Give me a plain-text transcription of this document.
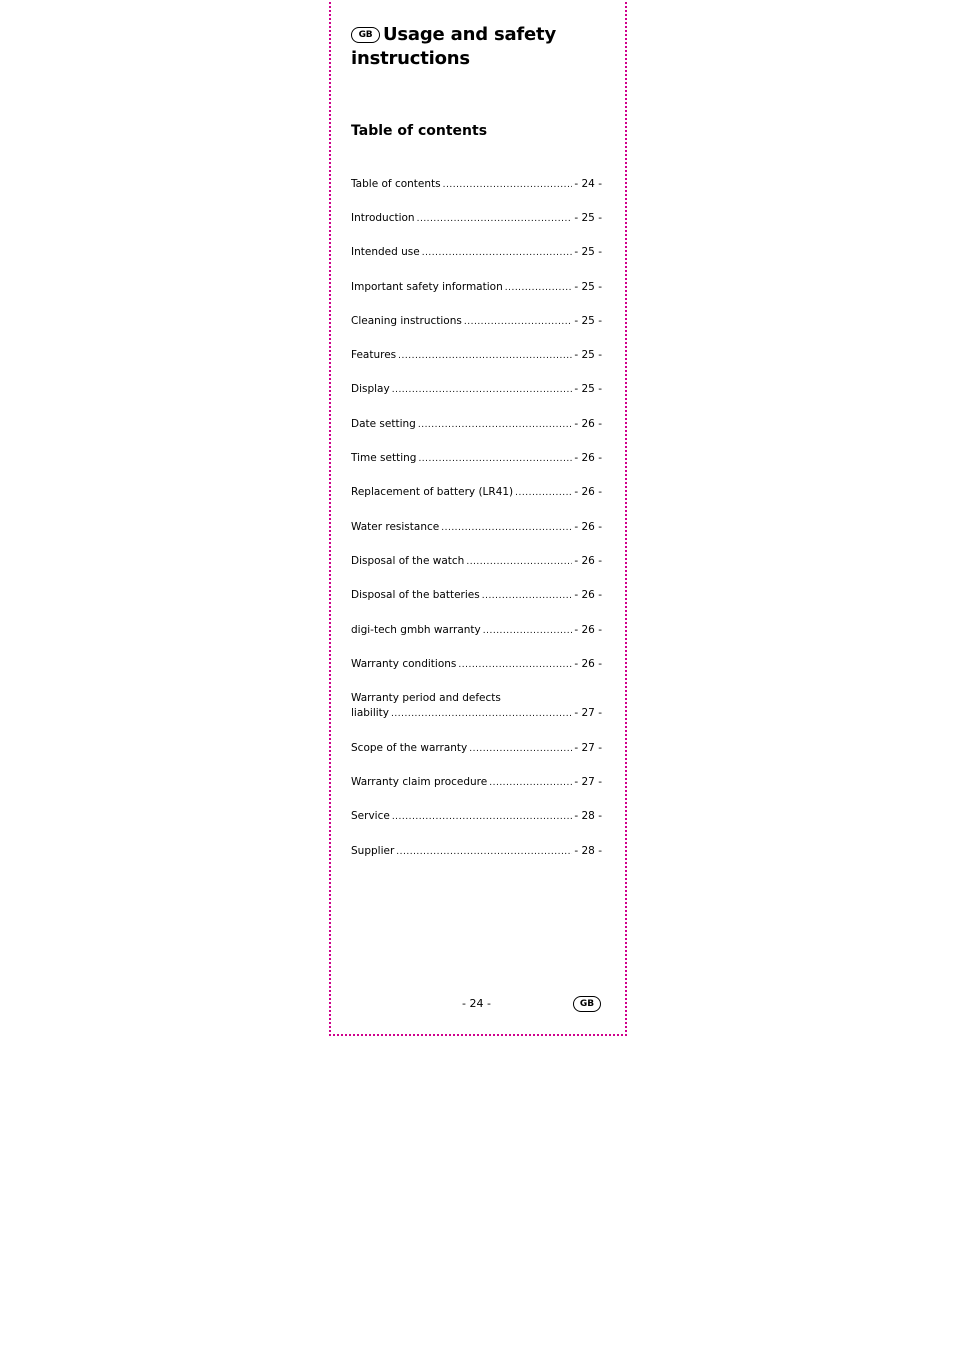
GB Usage and safety instructions
Table of contents
Table of contents .....	- 24 -
Introduction .....	- 25 -
Intended use .....	- 25 -
Important safety information .....	- 25 -
Cleaning instructions .....	- 25 -
Features .....	- 25 -
Display .....	- 25 -
Date setting .....	- 26 -
Time setting .....	- 26 -
Replacement of battery (LR41) .....	- 26 -
Water resistance .....	- 26 -
Disposal of the watch .....	- 26 -
Disposal of the batteries .....	- 26 -
digi-tech gmbh warranty .....	- 26 -
Warranty conditions .....	- 26 -
Warranty period and defects
liability .....	- 27 -
Scope of the warranty .....	- 27 -
Warranty claim procedure .....	- 27 -
Service .....	- 28 -
Supplier .....	- 28 -
- 24 -	GB
